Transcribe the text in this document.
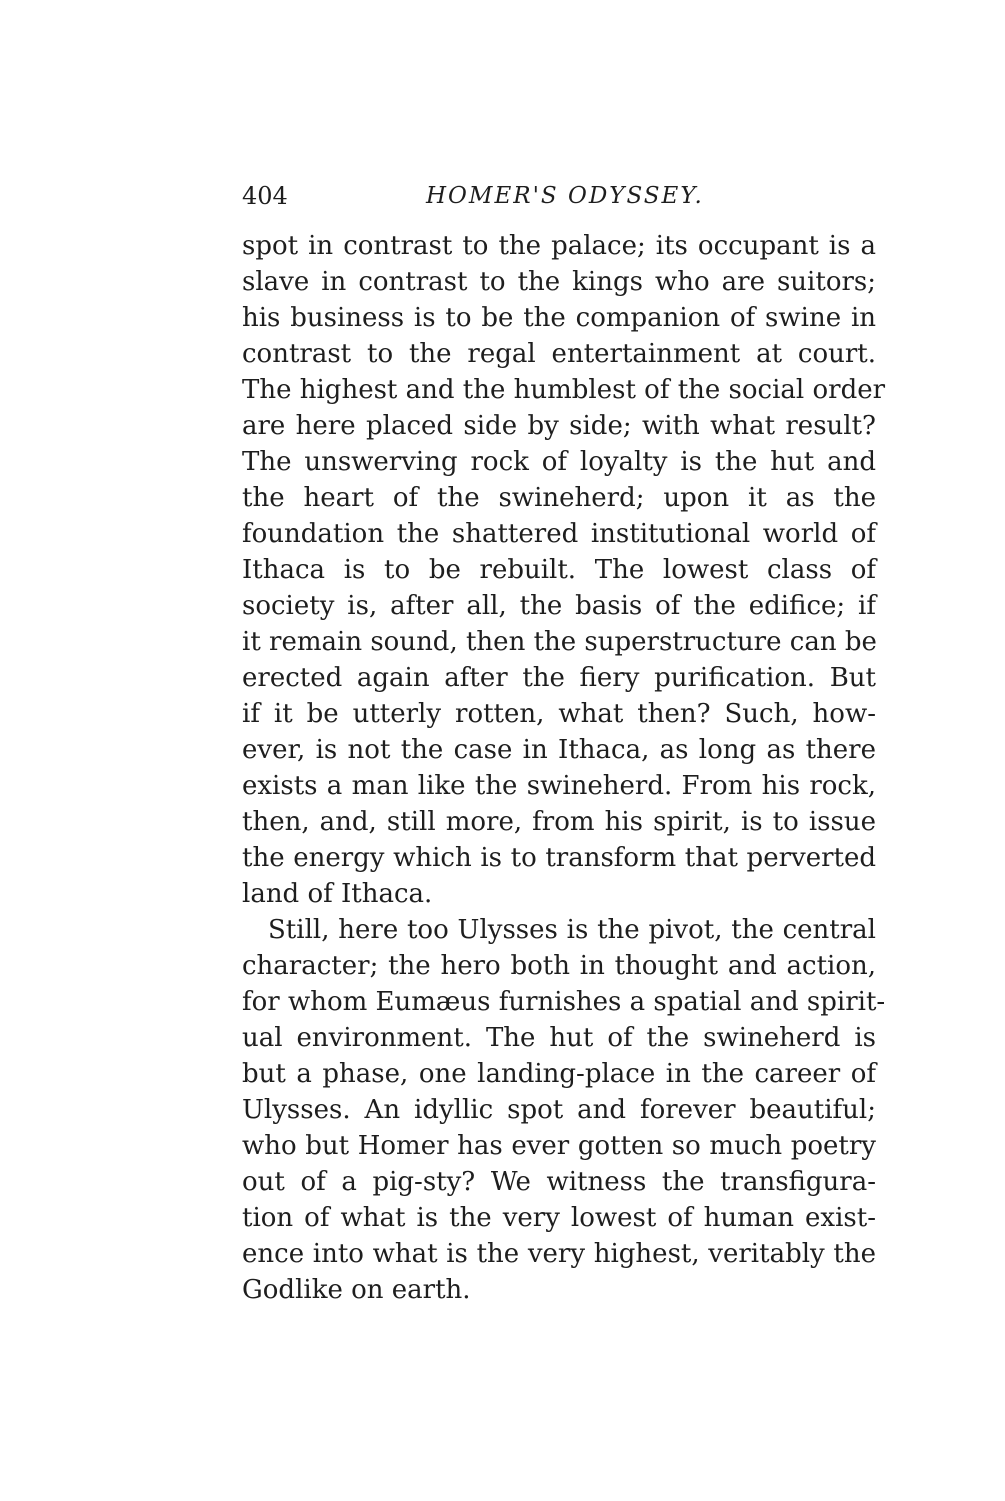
404	HOMER'S ODYSSEY.
spot in contrast to the palace; its occupant is a
slave in contrast to the kings who are suitors;
his business is to be the companion of swine in
contrast to the regal entertainment at court.
The highest and the humblest of the social order
are here placed side by side; with what result?
The unswerving rock of loyalty is the hut and
the heart of the swineherd; upon it as the
foundation the shattered institutional world of
Ithaca is to be rebuilt. The lowest class of
society is, after all, the basis of the edifice; if
it remain sound, then the superstructure can be
erected again after the fiery purification. But
if it be utterly rotten, what then? Such, how-
ever, is not the case in Ithaca, as long as there
exists a man like the swineherd. From his rock,
then, and, still more, from his spirit, is to issue
the energy which is to transform that perverted
land of Ithaca.
Still, here too Ulysses is the pivot, the central
character; the hero both in thought and action,
for whom Eumæus furnishes a spatial and spirit-
ual environment. The hut of the swineherd is
but a phase, one landing-place in the career of
Ulysses. An idyllic spot and forever beautiful;
who but Homer has ever gotten so much poetry
out of a pig-sty? We witness the transfigura-
tion of what is the very lowest of human exist-
ence into what is the very highest, veritably the
Godlike on earth.
